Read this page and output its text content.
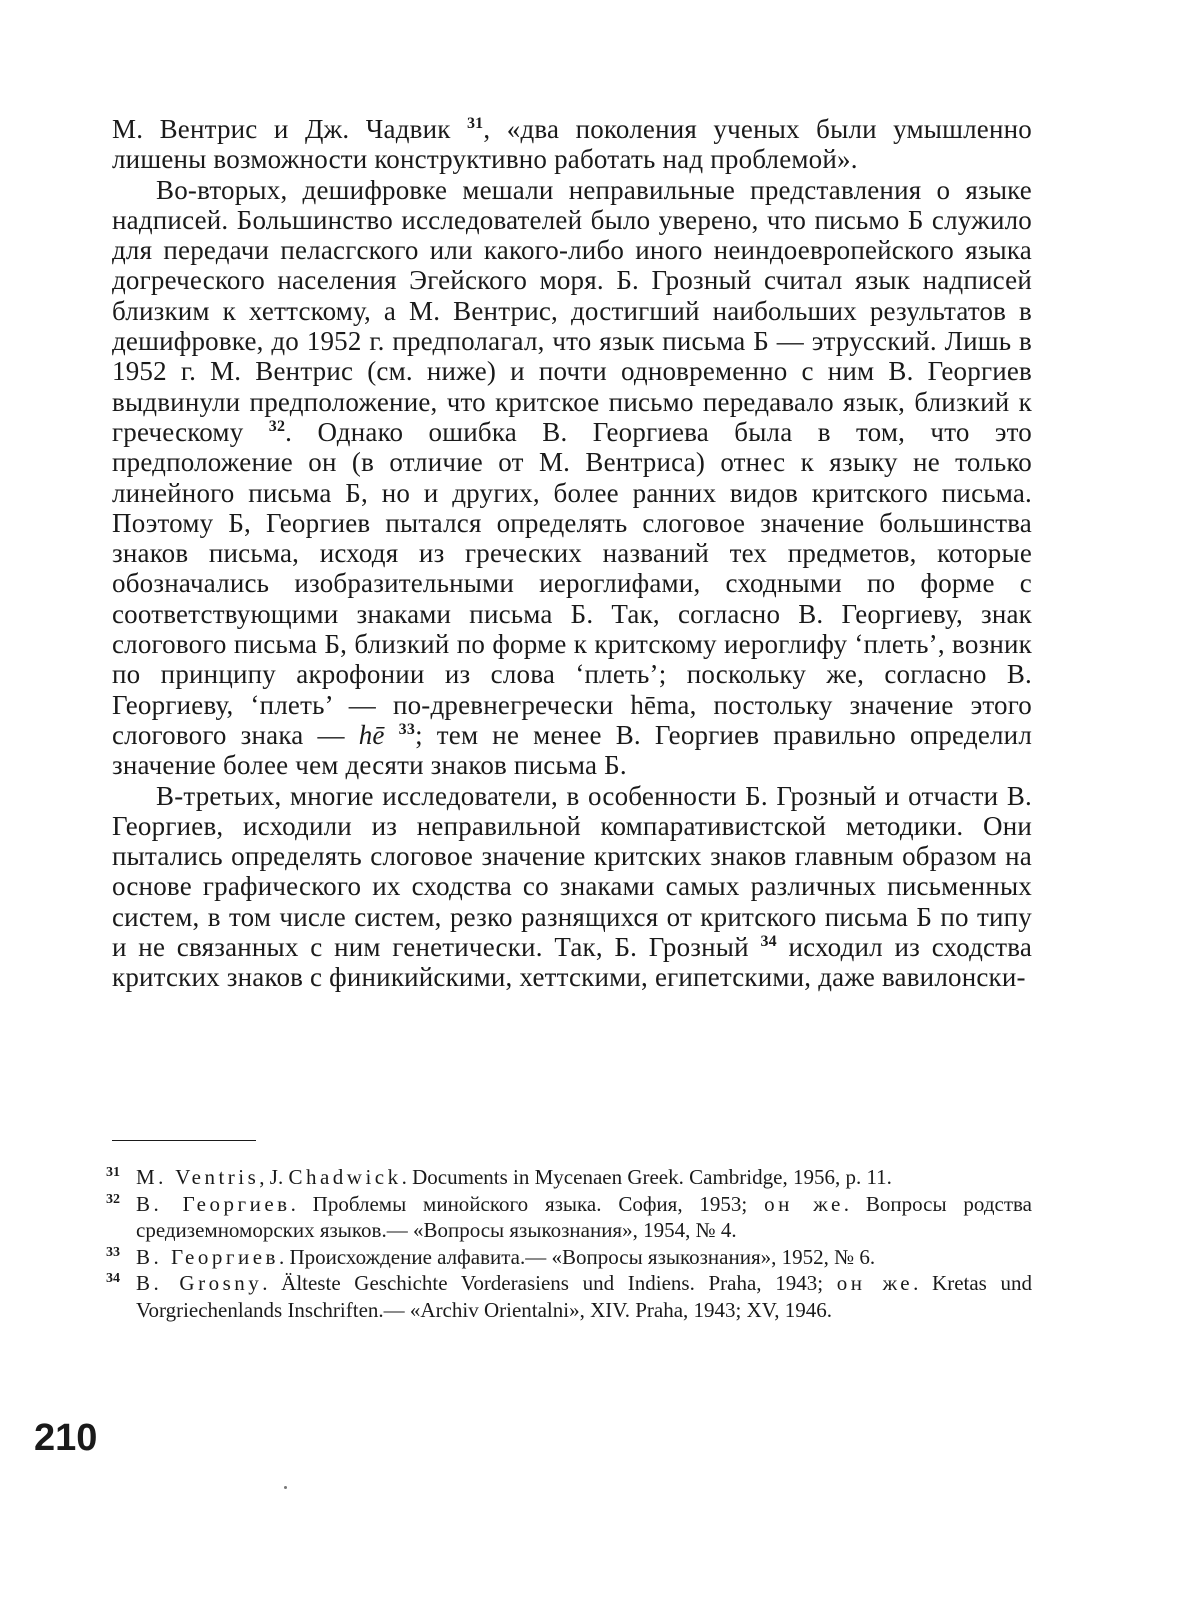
М. Вентрис и Дж. Чадвик $^{31}$, «два поколения ученых были умышленно лишены возможности конструктивно работать над проблемой».

Во-вторых, дешифровке мешали неправильные представления о языке надписей. Большинство исследователей было уверено, что письмо Б служило для передачи пеласгского или какого-либо иного неиндоевропейского языка догреческого населения Эгейского моря. Б. Грозный считал язык надписей близким к хеттскому, а М. Вентрис, достигший наибольших результатов в дешифровке, до 1952 г. предполагал, что язык письма Б — этрусский. Лишь в 1952 г. М. Вентрис (см. ниже) и почти одновременно с ним В. Георгиев выдвинули предположение, что критское письмо передавало язык, близкий к греческому $^{32}$. Однако ошибка В. Георгиева была в том, что это предположение он (в отличие от М. Вентриса) отнес к языку не только линейного письма Б, но и других, более ранних видов критского письма. Поэтому Б, Георгиев пытался определять слоговое значение большинства знаков письма, исходя из греческих названий тех предметов, которые обозначались изобразительными иероглифами, сходными по форме с соответствующими знаками письма Б. Так, согласно В. Георгиеву, знак слогового письма Б, близкий по форме к критскому иероглифу ‘плеть’, возник по принципу акрофонии из слова ‘плеть’; поскольку же, согласно В. Георгиеву, ‘плеть’ — по-древнегречески hēma, постольку значение этого слогового знака — hē $^{33}$; тем не менее В. Георгиев правильно определил значение более чем десяти знаков письма Б.

В-третьих, многие исследователи, в особенности Б. Грозный и отчасти В. Георгиев, исходили из неправильной компаративистской методики. Они пытались определять слоговое значение критских знаков главным образом на основе графического их сходства со знаками самых различных письменных систем, в том числе систем, резко разнящихся от критского письма Б по типу и не связанных с ним генетически. Так, Б. Грозный $^{34}$ исходил из сходства критских знаков с финикийскими, хеттскими, египетскими, даже вавилонски-

31 M. Ventris, J. Chadwick. Documents in Mycenaen Greek. Cambridge, 1956, p. 11.

32 В. Георгиев. Проблемы минойского языка. София, 1953; он же. Вопросы родства средиземноморских языков.— «Вопросы языкознания», 1954, № 4.

33 В. Георгиев. Происхождение алфавита.— «Вопросы языкознания», 1952, № 6.

34 B. Grosny. Älteste Geschichte Vorderasiens und Indiens. Praha, 1943; он же. Kretas und Vorgriechenlands Inschriften.— «Archiv Orientalni», XIV. Praha, 1943; XV, 1946.

210
